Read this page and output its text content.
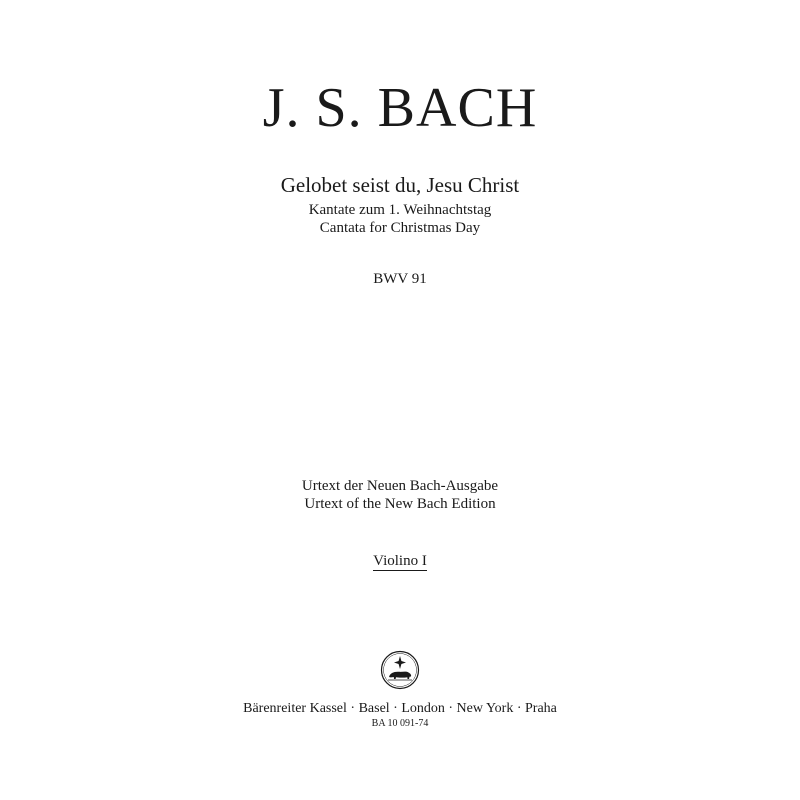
J. S. BACH
Gelobet seist du, Jesu Christ
Kantate zum 1. Weihnachtstag
Cantata for Christmas Day
BWV 91
Urtext der Neuen Bach-Ausgabe
Urtext of the New Bach Edition
Violino I
Bärenreiter Kassel · Basel · London · New York · Praha
BA 10 091-74
